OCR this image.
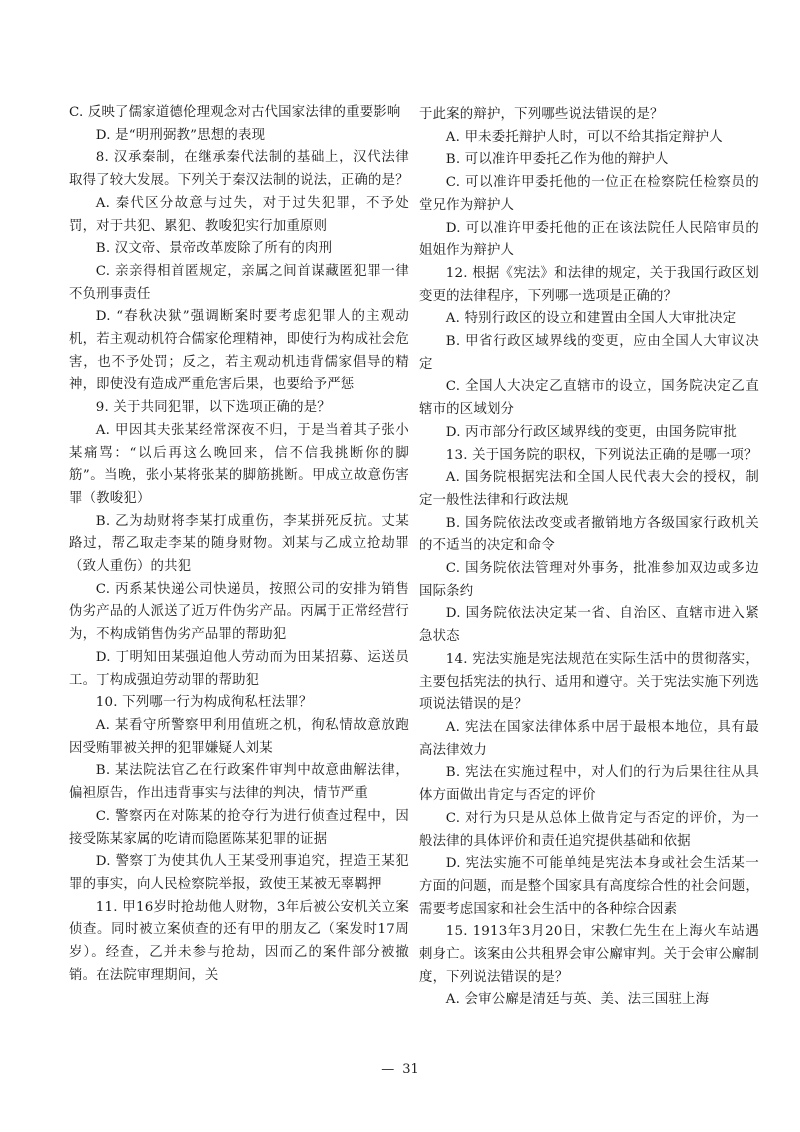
C. 反映了儒家道德伦理观念对古代国家法律的重要影响

D. 是“明刑弼教”思想的表现

8. 汉承秦制，在继承秦代法制的基础上，汉代法律取得了较大发展。下列关于秦汉法制的说法，正确的是？

A. 秦代区分故意与过失，对于过失犯罪，不予处罚，对于共犯、累犯、教唆犯实行加重原则

B. 汉文帝、景帝改革废除了所有的肉刑

C. 亲亲得相首匿规定，亲属之间首谋藏匿犯罪一律不负刑事责任

D. “春秋决狱”强调断案时要考虑犯罪人的主观动机，若主观动机符合儒家伦理精神，即使行为构成社会危害，也不予处罚；反之，若主观动机违背儒家倡导的精神，即使没有造成严重危害后果，也要给予严惩

9. 关于共同犯罪，以下选项正确的是？

A. 甲因其夫张某经常深夜不归，于是当着其子张小某痛骂：“以后再这么晚回来，信不信我挑断你的脚筋”。当晚，张小某将张某的脚筋挑断。甲成立故意伤害罪（教唆犯）

B. 乙为劫财将李某打成重伤，李某拼死反抗。丈某路过，帮乙取走李某的随身财物。刘某与乙成立抢劫罪（致人重伤）的共犯

C. 丙系某快递公司快递员，按照公司的安排为销售伪劣产品的人派送了近万件伪劣产品。丙属于正常经营行为，不构成销售伪劣产品罪的帮助犯

D. 丁明知田某强迫他人劳动而为田某招募、运送员工。丁构成强迫劳动罪的帮助犯

10. 下列哪一行为构成徇私枉法罪？

A. 某看守所警察甲利用值班之机，徇私情故意放跑因受贿罪被关押的犯罪嫌疑人刘某

B. 某法院法官乙在行政案件审判中故意曲解法律，偏袒原告，作出违背事实与法律的判决，情节严重

C. 警察丙在对陈某的抢夺行为进行侦查过程中，因接受陈某家属的吃请而隐匿陈某犯罪的证据

D. 警察丁为使其仇人王某受刑事追究，捏造王某犯罪的事实，向人民检察院举报，致使王某被无辜羁押

11. 甲16岁时抢劫他人财物，3年后被公安机关立案侦查。同时被立案侦查的还有甲的朋友乙（案发时17周岁）。经查，乙并未参与抢劫，因而乙的案件部分被撤销。在法院审理期间，关

于此案的辩护，下列哪些说法错误的是？

A. 甲未委托辩护人时，可以不给其指定辩护人

B. 可以准许甲委托乙作为他的辩护人

C. 可以准许甲委托他的一位正在检察院任检察员的堂兄作为辩护人

D. 可以准许甲委托他的正在该法院任人民陪审员的姐姐作为辩护人

12. 根据《宪法》和法律的规定，关于我国行政区划变更的法律程序，下列哪一选项是正确的？

A. 特别行政区的设立和建置由全国人大审批决定

B. 甲省行政区域界线的变更，应由全国人大审议决定

C. 全国人大决定乙直辖市的设立，国务院决定乙直辖市的区域划分

D. 丙市部分行政区域界线的变更，由国务院审批

13. 关于国务院的职权，下列说法正确的是哪一项？

A. 国务院根据宪法和全国人民代表大会的授权，制定一般性法律和行政法规

B. 国务院依法改变或者撤销地方各级国家行政机关的不适当的决定和命令

C. 国务院依法管理对外事务，批准参加双边或多边国际条约

D. 国务院依法决定某一省、自治区、直辖市进入紧急状态

14. 宪法实施是宪法规范在实际生活中的贯彻落实，主要包括宪法的执行、适用和遵守。关于宪法实施下列选项说法错误的是？

A. 宪法在国家法律体系中居于最根本地位，具有最高法律效力

B. 宪法在实施过程中，对人们的行为后果往往从具体方面做出肯定与否定的评价

C. 对行为只是从总体上做肯定与否定的评价，为一般法律的具体评价和责任追究提供基础和依据

D. 宪法实施不可能单纯是宪法本身或社会生活某一方面的问题，而是整个国家具有高度综合性的社会问题，需要考虑国家和社会生活中的各种综合因素

15. 1913年3月20日，宋教仁先生在上海火车站遇刺身亡。该案由公共租界会审公廨审判。关于会审公廨制度，下列说法错误的是？

A. 会审公廨是清廷与英、美、法三国驻上海

— 31
